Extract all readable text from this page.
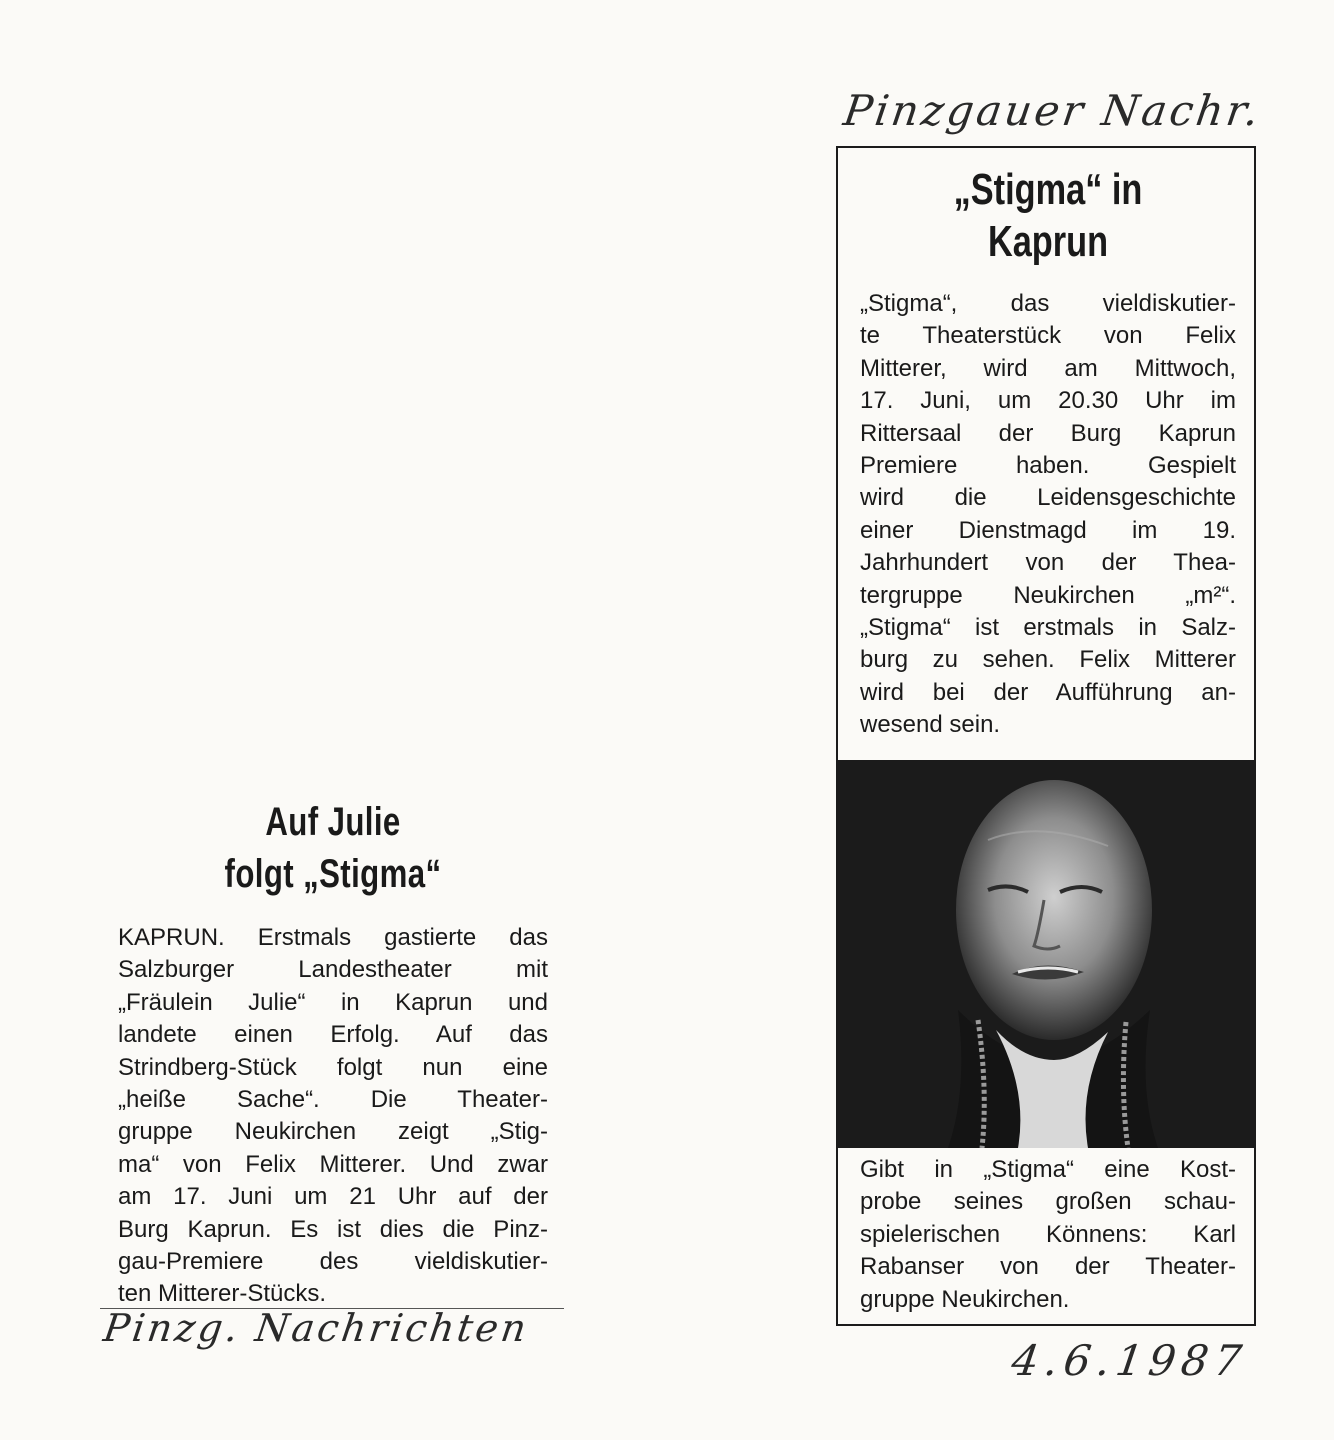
Pinzgauer Nachr.
Pinzg. Nachrichten
4.6.1987
Auf Julie
folgt „Stigma“
KAPRUN. Erstmals gastierte das
Salzburger Landestheater mit
„Fräulein Julie“ in Kaprun und
landete einen Erfolg. Auf das
Strindberg-Stück folgt nun eine
„heiße Sache“. Die Theater-
gruppe Neukirchen zeigt „Stig-
ma“ von Felix Mitterer. Und zwar
am 17. Juni um 21 Uhr auf der
Burg Kaprun. Es ist dies die Pinz-
gau-Premiere des vieldiskutier-
ten Mitterer-Stücks.
„Stigma“ in
Kaprun
„Stigma“, das vieldiskutier-
te Theaterstück von Felix
Mitterer, wird am Mittwoch,
17. Juni, um 20.30 Uhr im
Rittersaal der Burg Kaprun
Premiere haben. Gespielt
wird die Leidensgeschichte
einer Dienstmagd im 19.
Jahrhundert von der Thea-
tergruppe Neukirchen „m²“.
„Stigma“ ist erstmals in Salz-
burg zu sehen. Felix Mitterer
wird bei der Aufführung an-
wesend sein.
Gibt in „Stigma“ eine Kost-
probe seines großen schau-
spielerischen Könnens: Karl
Rabanser von der Theater-
gruppe Neukirchen.
